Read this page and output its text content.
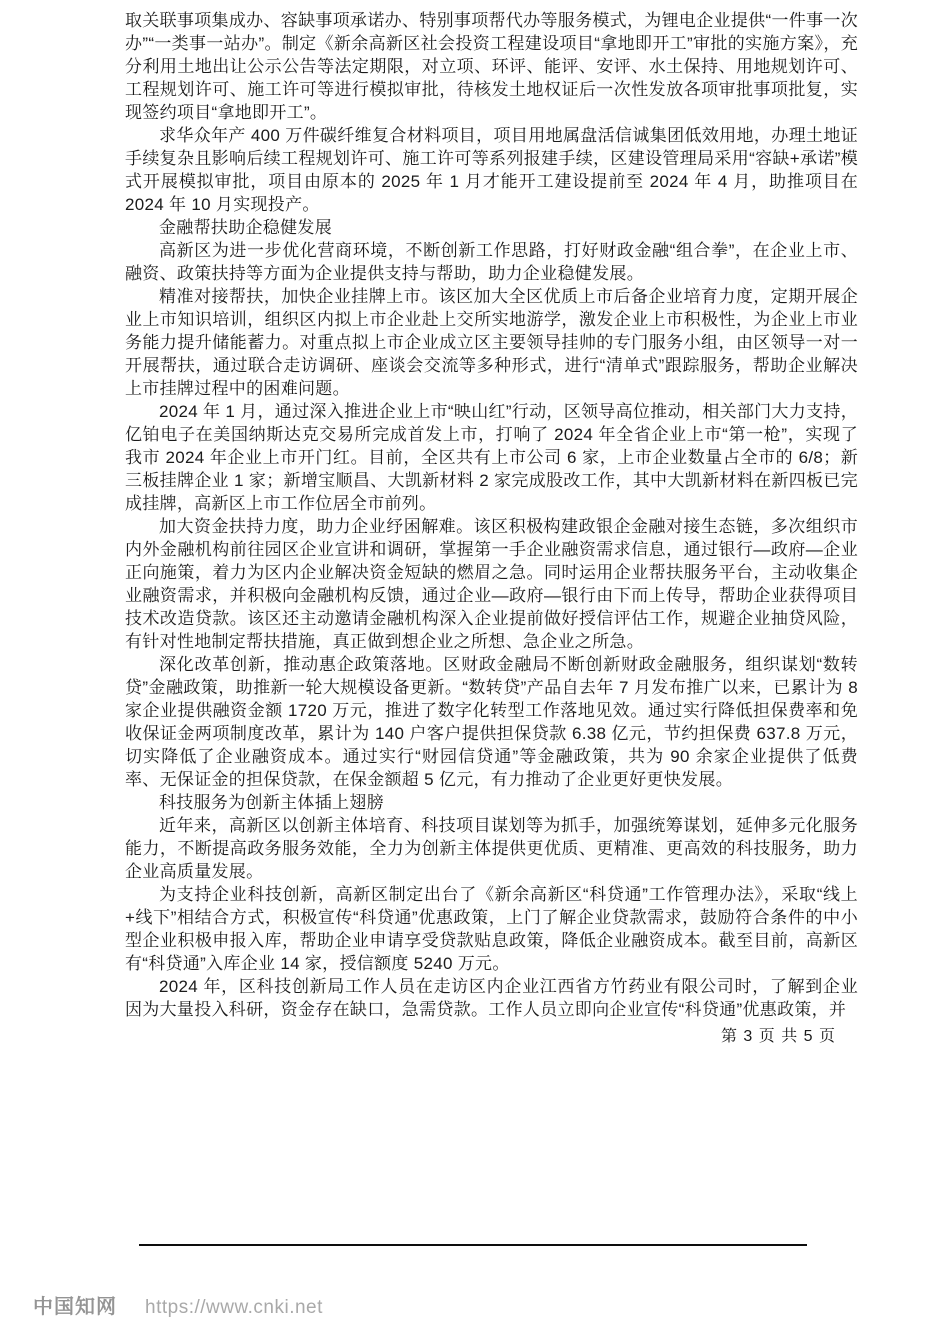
取关联事项集成办、容缺事项承诺办、特别事项帮代办等服务模式，为锂电企业提供“一件事一次办”“一类事一站办”。制定《新余高新区社会投资工程建设项目“拿地即开工”审批的实施方案》，充分利用土地出让公示公告等法定期限，对立项、环评、能评、安评、水土保持、用地规划许可、工程规划许可、施工许可等进行模拟审批，待核发土地权证后一次性发放各项审批事项批复，实现签约项目“拿地即开工”。

求华众年产 400 万件碳纤维复合材料项目，项目用地属盘活信诚集团低效用地，办理土地证手续复杂且影响后续工程规划许可、施工许可等系列报建手续，区建设管理局采用“容缺+承诺”模式开展模拟审批，项目由原本的 2025 年 1 月才能开工建设提前至 2024 年 4 月，助推项目在 2024 年 10 月实现投产。

金融帮扶助企稳健发展

高新区为进一步优化营商环境，不断创新工作思路，打好财政金融“组合拳”，在企业上市、融资、政策扶持等方面为企业提供支持与帮助，助力企业稳健发展。

精准对接帮扶，加快企业挂牌上市。该区加大全区优质上市后备企业培育力度，定期开展企业上市知识培训，组织区内拟上市企业赴上交所实地游学，激发企业上市积极性，为企业上市业务能力提升储能蓄力。对重点拟上市企业成立区主要领导挂帅的专门服务小组，由区领导一对一开展帮扶，通过联合走访调研、座谈会交流等多种形式，进行“清单式”跟踪服务，帮助企业解决上市挂牌过程中的困难问题。

2024 年 1 月，通过深入推进企业上市“映山红”行动，区领导高位推动，相关部门大力支持，亿铂电子在美国纳斯达克交易所完成首发上市，打响了 2024 年全省企业上市“第一枪”，实现了我市 2024 年企业上市开门红。目前，全区共有上市公司 6 家，上市企业数量占全市的 6/8；新三板挂牌企业 1 家；新增宝顺昌、大凯新材料 2 家完成股改工作，其中大凯新材料在新四板已完成挂牌，高新区上市工作位居全市前列。

加大资金扶持力度，助力企业纾困解难。该区积极构建政银企金融对接生态链，多次组织市内外金融机构前往园区企业宣讲和调研，掌握第一手企业融资需求信息，通过银行—政府—企业正向施策，着力为区内企业解决资金短缺的燃眉之急。同时运用企业帮扶服务平台，主动收集企业融资需求，并积极向金融机构反馈，通过企业—政府—银行由下而上传导，帮助企业获得项目技术改造贷款。该区还主动邀请金融机构深入企业提前做好授信评估工作，规避企业抽贷风险，有针对性地制定帮扶措施，真正做到想企业之所想、急企业之所急。

深化改革创新，推动惠企政策落地。区财政金融局不断创新财政金融服务，组织谋划“数转贷”金融政策，助推新一轮大规模设备更新。“数转贷”产品自去年 7 月发布推广以来，已累计为 8 家企业提供融资金额 1720 万元，推进了数字化转型工作落地见效。通过实行降低担保费率和免收保证金两项制度改革，累计为 140 户客户提供担保贷款 6.38 亿元，节约担保费 637.8 万元，切实降低了企业融资成本。通过实行“财园信贷通”等金融政策，共为 90 余家企业提供了低费率、无保证金的担保贷款，在保金额超 5 亿元，有力推动了企业更好更快发展。

科技服务为创新主体插上翅膀

近年来，高新区以创新主体培育、科技项目谋划等为抓手，加强统筹谋划，延伸多元化服务能力，不断提高政务服务效能，全力为创新主体提供更优质、更精准、更高效的科技服务，助力企业高质量发展。

为支持企业科技创新，高新区制定出台了《新余高新区“科贷通”工作管理办法》，采取“线上+线下”相结合方式，积极宣传“科贷通”优惠政策，上门了解企业贷款需求，鼓励符合条件的中小型企业积极申报入库，帮助企业申请享受贷款贴息政策，降低企业融资成本。截至目前，高新区有“科贷通”入库企业 14 家，授信额度 5240 万元。

2024 年，区科技创新局工作人员在走访区内企业江西省方竹药业有限公司时，了解到企业因为大量投入科研，资金存在缺口，急需贷款。工作人员立即向企业宣传“科贷通”优惠政策，并

第 3 页 共 5 页
中国知网 https://www.cnki.net
